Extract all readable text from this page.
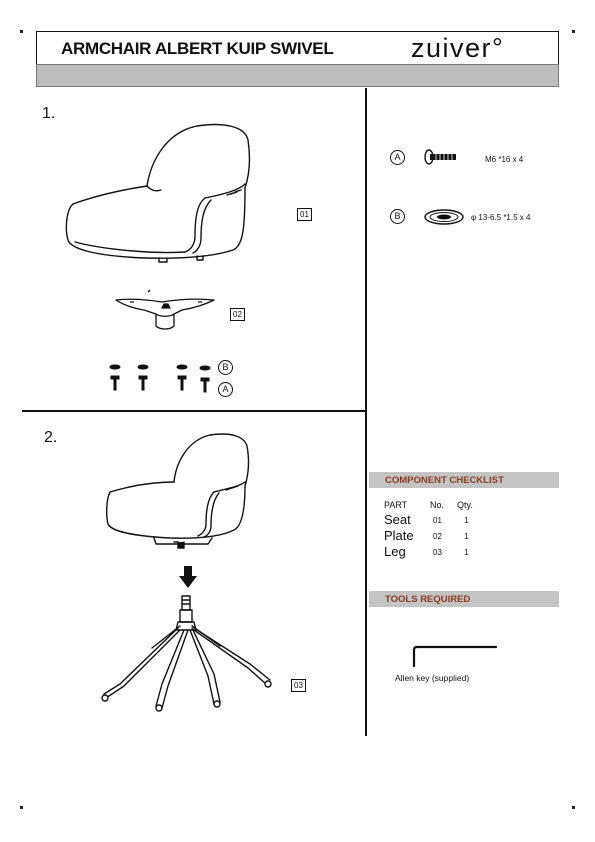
ARMCHAIR ALBERT KUIP SWIVEL	zuiver°
1.
2.
01
02
B
A
03
A	M6 *16 x 4
B	φ 13-6.5 *1.5 x 4
COMPONENT CHECKLIST
PART	No. Qty.
Seat	01	1
Plate 02	1
Leg	03	1
TOOLS REQUIRED
Allen key (supplied)
